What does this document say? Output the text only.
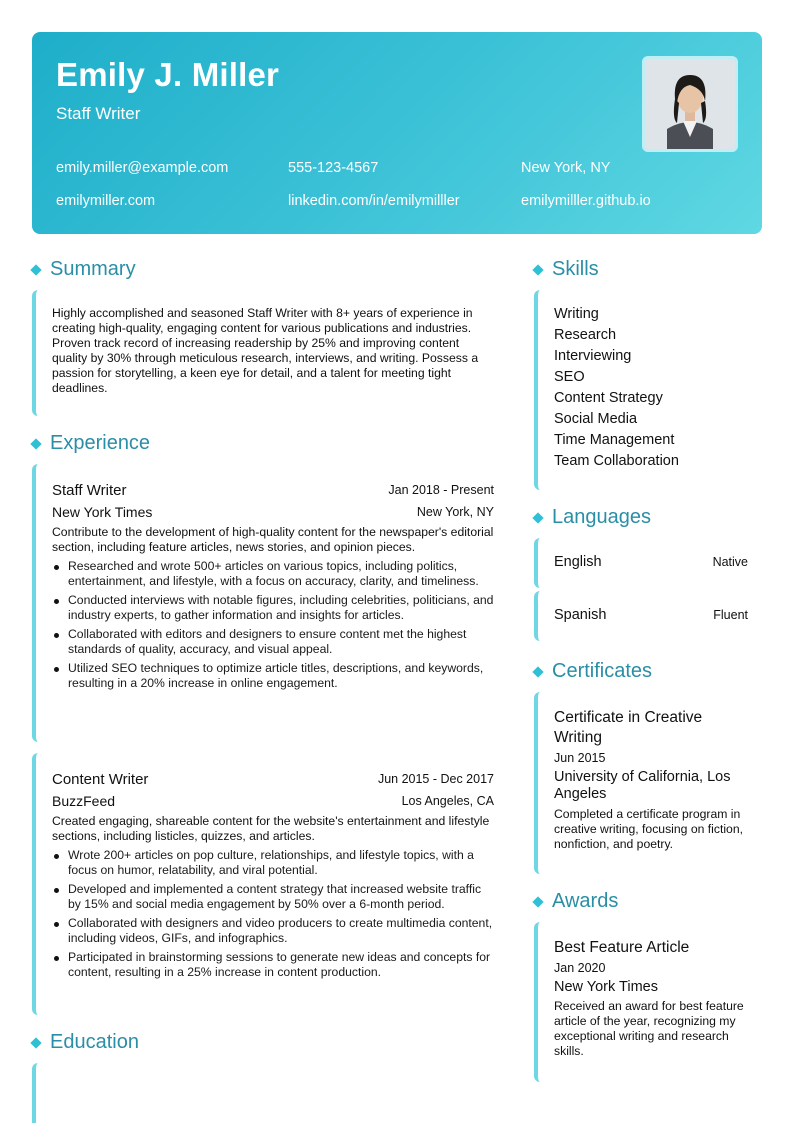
Emily J. Miller
Staff Writer
emily.miller@example.com	555-123-4567	New York, NY
emilymiller.com	linkedin.com/in/emilymilller	emilymilller.github.io
Summary
Highly accomplished and seasoned Staff Writer with 8+ years of experience in creating high-quality, engaging content for various publications and industries. Proven track record of increasing readership by 25% and improving content quality by 30% through meticulous research, interviews, and writing. Possess a passion for storytelling, a keen eye for detail, and a talent for meeting tight deadlines.
Experience
Staff Writer	Jan 2018 - Present
New York Times	New York, NY
Contribute to the development of high-quality content for the newspaper's editorial section, including feature articles, news stories, and opinion pieces.
Researched and wrote 500+ articles on various topics, including politics, entertainment, and lifestyle, with a focus on accuracy, clarity, and timeliness.
Conducted interviews with notable figures, including celebrities, politicians, and industry experts, to gather information and insights for articles.
Collaborated with editors and designers to ensure content met the highest standards of quality, accuracy, and visual appeal.
Utilized SEO techniques to optimize article titles, descriptions, and keywords, resulting in a 20% increase in online engagement.
Content Writer	Jun 2015 - Dec 2017
BuzzFeed	Los Angeles, CA
Created engaging, shareable content for the website's entertainment and lifestyle sections, including listicles, quizzes, and articles.
Wrote 200+ articles on pop culture, relationships, and lifestyle topics, with a focus on humor, relatability, and viral potential.
Developed and implemented a content strategy that increased website traffic by 15% and social media engagement by 50% over a 6-month period.
Collaborated with designers and video producers to create multimedia content, including videos, GIFs, and infographics.
Participated in brainstorming sessions to generate new ideas and concepts for content, resulting in a 25% increase in content production.
Education
Skills
Writing
Research
Interviewing
SEO
Content Strategy
Social Media
Time Management
Team Collaboration
Languages
English	Native
Spanish	Fluent
Certificates
Certificate in Creative Writing
Jun 2015
University of California, Los Angeles
Completed a certificate program in creative writing, focusing on fiction, nonfiction, and poetry.
Awards
Best Feature Article
Jan 2020
New York Times
Received an award for best feature article of the year, recognizing my exceptional writing and research skills.
